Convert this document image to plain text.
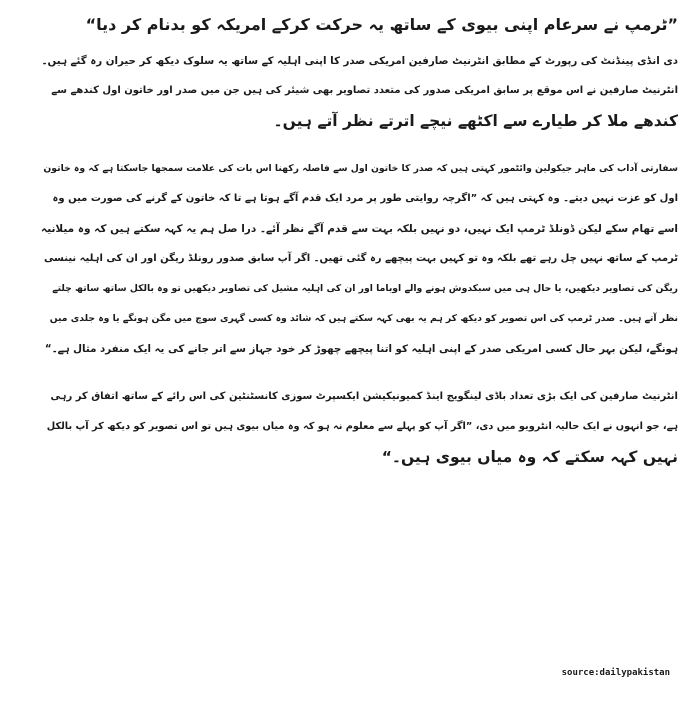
”ٹرمپ نے سرعام اپنی بیوی کے ساتھ یہ حرکت کرکے امریکہ کو بدنام کر دیا“
دی انڈی پینڈنٹ کی رپورٹ کے مطابق انٹرنیٹ صارفین امریکی صدر کا اپنی اہلیہ کے ساتھ یہ سلوک دیکھ کر حیران رہ گئے ہیں۔
انٹرنیٹ صارفین نے اس موقع پر سابق امریکی صدور کی متعدد تصاویر بھی شیئر کی ہیں جن میں صدر اور خاتون اول کندھے سے
کندھے ملا کر طیارے سے اکٹھے نیچے اترتے نظر آتے ہیں۔
سفارتی آداب کی ماہر جیکولین وائٹمور کہتی ہیں کہ صدر کا خاتون اول سے فاصلہ رکھنا اس بات کی علامت سمجھا جاسکتا ہے کہ وہ خاتون
اول کو عزت نہیں دیتے۔ وہ کہتی ہیں کہ ”اگرچہ روایتی طور پر مرد ایک قدم آگے ہوتا ہے تا کہ خاتون کے گرنے کی صورت میں وہ
اسے تھام سکے لیکن ڈونلڈ ٹرمپ ایک نہیں، دو نہیں بلکہ بہت سے قدم آگے نظر آئے۔ درا صل ہم یہ کہہ سکتے ہیں کہ وہ میلانیہ
ٹرمپ کے ساتھ نہیں چل رہے تھے بلکہ وہ تو کہیں بہت پیچھے رہ گئی تھیں۔ اگر آپ سابق صدور رونلڈ ریگن اور ان کی اہلیہ نینسی
ریگن کی تصاویر دیکھیں، یا حال ہی میں سبکدوش ہونے والے اوباما اور ان کی اہلیہ مشیل کی تصاویر دیکھیں تو وہ بالکل ساتھ ساتھ چلتے
نظر آتے ہیں۔ صدر ٹرمپ کی اس تصویر کو دیکھ کر ہم یہ بھی کہہ سکتے ہیں کہ شائد وہ کسی گہری سوچ میں مگن ہونگے یا وہ جلدی میں
ہونگے، لیکن بہر حال کسی امریکی صدر کے اپنی اہلیہ کو اتنا پیچھے چھوڑ کر خود جہاز سے اتر جانے کی یہ ایک منفرد مثال ہے۔“
انٹرنیٹ صارفین کی ایک بڑی تعداد باڈی لینگویج اینڈ کمیونیکیشن ایکسپرٹ سوزی کانسٹنٹین کی اس رائے کے ساتھ اتفاق کر رہی
ہے، جو انہوں نے ایک حالیہ انٹرویو میں دی، ”اگر آپ کو پہلے سے معلوم نہ ہو کہ وہ میاں بیوی ہیں تو اس تصویر کو دیکھ کر آپ بالکل
نہیں کہہ سکتے کہ وہ میاں بیوی ہیں۔“
source:dailypakistan
